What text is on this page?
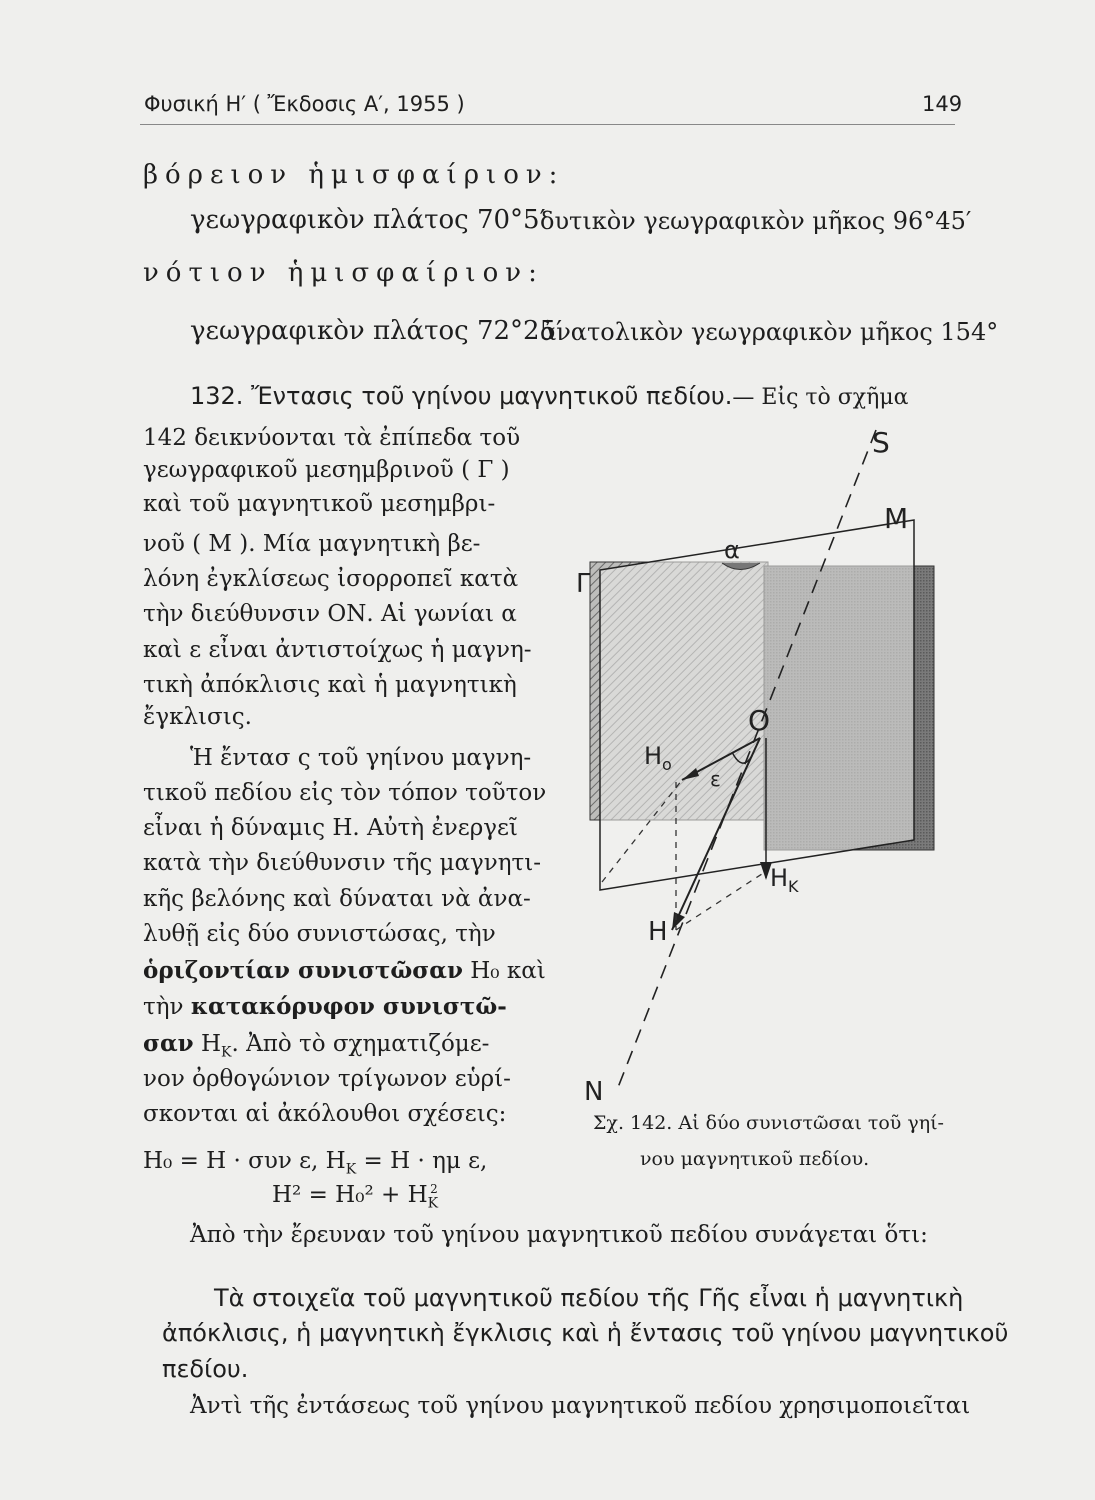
Φυσική Η′ ( Ἔκδοσις Α′, 1955 )	149
βόρειον ἡμισφαίριον:
γεωγραφικὸν πλάτος 70°5′
δυτικὸν γεωγραφικὸν μῆκος 96°45′
νότιον ἡμισφαίριον:
γεωγραφικὸν πλάτος 72°25′
ἀνατολικὸν γεωγραφικὸν μῆκος 154°
132. Ἔντασις τοῦ γηίνου μαγνητικοῦ πεδίου.— Εἰς τὸ σχῆμα
142 δεικνύονται τὰ ἐπίπεδα τοῦ
γεωγραφικοῦ μεσημβρινοῦ ( Γ )
καὶ τοῦ μαγνητικοῦ μεσημβρι-
νοῦ ( Μ ). Μία μαγνητικὴ βε-
λόνη ἐγκλίσεως ἰσορροπεῖ κατὰ
τὴν διεύθυνσιν ΟΝ. Αἱ γωνίαι α
καὶ ε εἶναι ἀντιστοίχως ἡ μαγνη-
τικὴ ἀπόκλισις καὶ ἡ μαγνητικὴ
ἔγκλισις.
Ἡ ἔντασ ς τοῦ γηίνου μαγνη-
τικοῦ πεδίου εἰς τὸν τόπον τοῦτον
εἶναι ἡ δύναμις Η. Αὐτὴ ἐνεργεῖ
κατὰ τὴν διεύθυνσιν τῆς μαγνητι-
κῆς βελόνης καὶ δύναται νὰ ἀνα-
λυθῇ εἰς δύο συνιστώσας, τὴν
ὁριζοντίαν συνιστῶσαν Η₀ καὶ
τὴν κατακόρυφον συνιστῶ-
σαν $H_K$. Ἀπὸ τὸ σχηματιζόμε-
νον ὀρθογώνιον τρίγωνον εὑρί-
σκονται αἱ ἀκόλουθοι σχέσεις:
Η₀ = Η · συν ε, $H_K = H \cdot \eta\mu$ ε,
$H^2 = H_0^2 + H_K^2$
S
M
Γ
α
O
$H_o$
ε
$H_K$
H
N
Σχ. 142. Αἱ δύο συνιστῶσαι τοῦ γηί-
νου μαγνητικοῦ πεδίου.
Ἀπὸ τὴν ἔρευναν τοῦ γηίνου μαγνητικοῦ πεδίου συνάγεται ὅτι:
Τὰ στοιχεῖα τοῦ μαγνητικοῦ πεδίου τῆς Γῆς εἶναι ἡ μαγνητικὴ
ἀπόκλισις, ἡ μαγνητικὴ ἔγκλισις καὶ ἡ ἔντασις τοῦ γηίνου μαγνητικοῦ
πεδίου.
Ἀντὶ τῆς ἐντάσεως τοῦ γηίνου μαγνητικοῦ πεδίου χρησιμοποιεῖται
